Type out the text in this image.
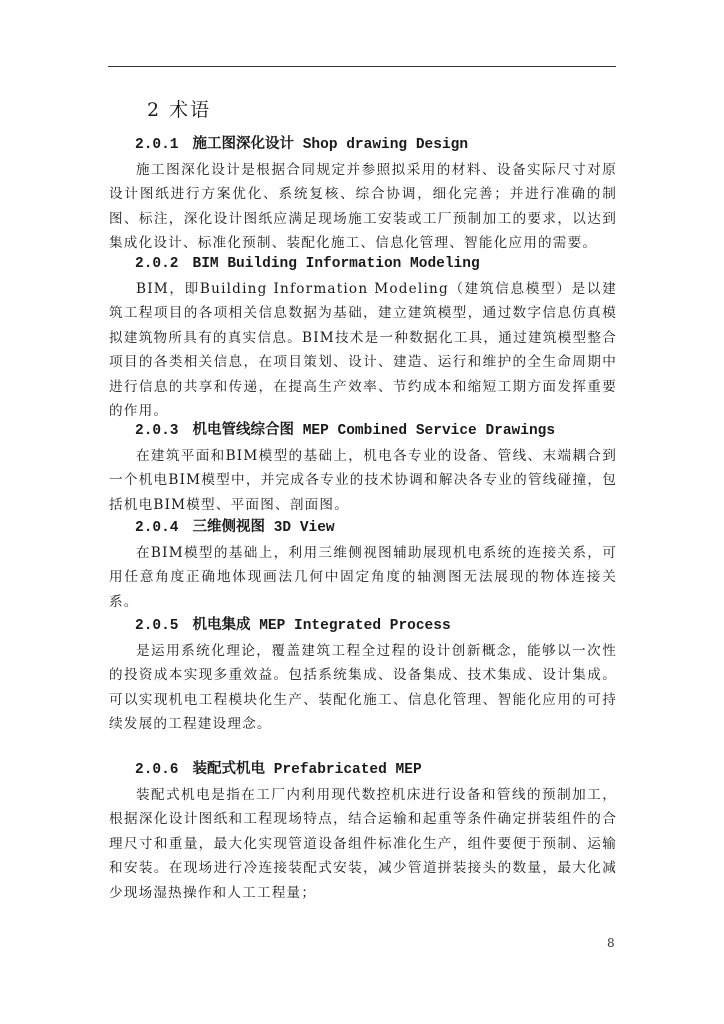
2 术语
2.0.1 施工图深化设计 Shop drawing Design

施工图深化设计是根据合同规定并参照拟采用的材料、设备实际尺寸对原设计图纸进行方案优化、系统复核、综合协调，细化完善；并进行准确的制图、标注，深化设计图纸应满足现场施工安装或工厂预制加工的要求，以达到集成化设计、标准化预制、装配化施工、信息化管理、智能化应用的需要。

2.0.2 BIM Building Information Modeling

BIM，即Building Information Modeling（建筑信息模型）是以建筑工程项目的各项相关信息数据为基础，建立建筑模型，通过数字信息仿真模拟建筑物所具有的真实信息。BIM技术是一种数据化工具，通过建筑模型整合项目的各类相关信息，在项目策划、设计、建造、运行和维护的全生命周期中进行信息的共享和传递，在提高生产效率、节约成本和缩短工期方面发挥重要的作用。

2.0.3 机电管线综合图 MEP Combined Service Drawings

在建筑平面和BIM模型的基础上，机电各专业的设备、管线、末端耦合到一个机电BIM模型中，并完成各专业的技术协调和解决各专业的管线碰撞，包括机电BIM模型、平面图、剖面图。

2.0.4 三维侧视图 3D View

在BIM模型的基础上，利用三维侧视图辅助展现机电系统的连接关系，可用任意角度正确地体现画法几何中固定角度的轴测图无法展现的物体连接关系。

2.0.5 机电集成 MEP Integrated Process

是运用系统化理论，覆盖建筑工程全过程的设计创新概念，能够以一次性的投资成本实现多重效益。包括系统集成、设备集成、技术集成、设计集成。可以实现机电工程模块化生产、装配化施工、信息化管理、智能化应用的可持续发展的工程建设理念。

2.0.6 装配式机电 Prefabricated MEP

装配式机电是指在工厂内利用现代数控机床进行设备和管线的预制加工，根据深化设计图纸和工程现场特点，结合运输和起重等条件确定拼装组件的合理尺寸和重量，最大化实现管道设备组件标准化生产，组件要便于预制、运输和安装。在现场进行冷连接装配式安装，减少管道拼装接头的数量，最大化减少现场湿热操作和人工工程量；

8
